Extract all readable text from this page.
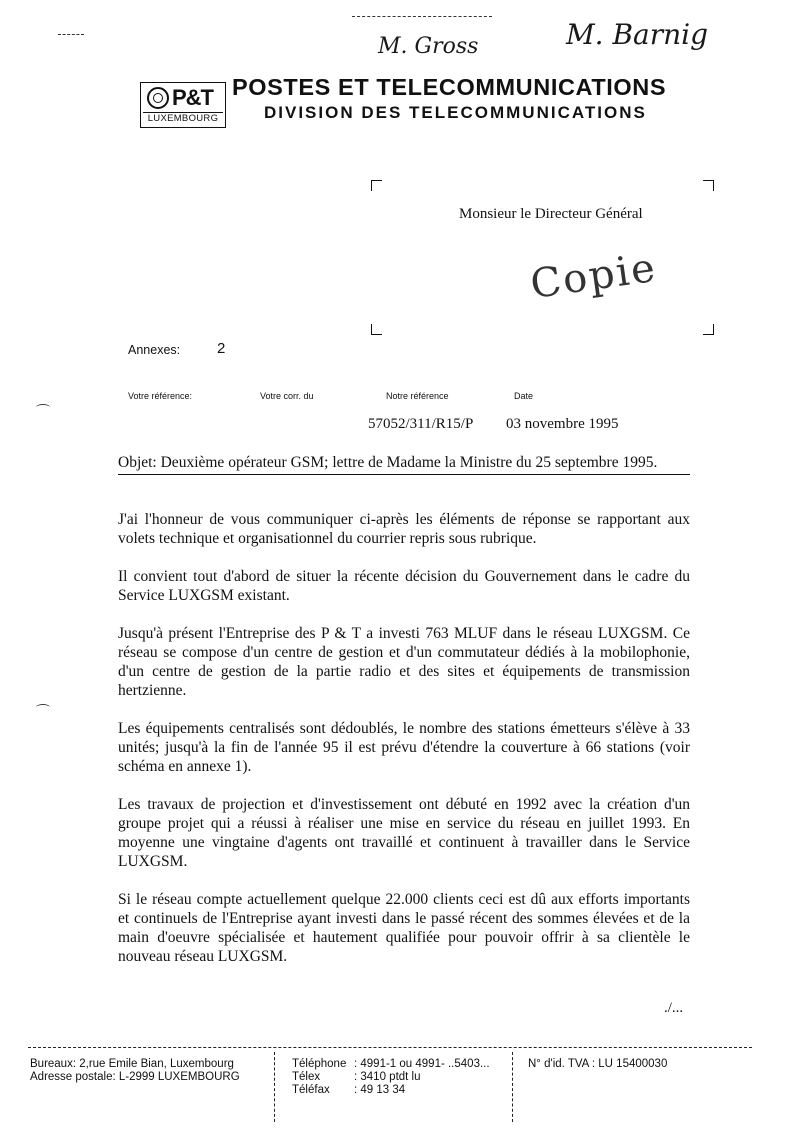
M. Gross	M. Barnig
P&T
LUXEMBOURG
POSTES ET TELECOMMUNICATIONS
DIVISION DES TELECOMMUNICATIONS
Monsieur le Directeur Général
Copie
Annexes: 2
Votre référence:	Votre corr. du	Notre référence	Date
57052/311/R15/P 03 novembre 1995
Objet: Deuxième opérateur GSM; lettre de Madame la Ministre du 25 septembre 1995.

J'ai l'honneur de vous communiquer ci-après les éléments de réponse se rapportant aux volets technique et organisationnel du courrier repris sous rubrique.

Il convient tout d'abord de situer la récente décision du Gouvernement dans le cadre du Service LUXGSM existant.

Jusqu'à présent l'Entreprise des P & T a investi 763 MLUF dans le réseau LUXGSM. Ce réseau se compose d'un centre de gestion et d'un commutateur dédiés à la mobilophonie, d'un centre de gestion de la partie radio et des sites et équipements de transmission hertzienne.

Les équipements centralisés sont dédoublés, le nombre des stations émetteurs s'élève à 33 unités; jusqu'à la fin de l'année 95 il est prévu d'étendre la couverture à 66 stations (voir schéma en annexe 1).

Les travaux de projection et d'investissement ont débuté en 1992 avec la création d'un groupe projet qui a réussi à réaliser une mise en service du réseau en juillet 1993. En moyenne une vingtaine d'agents ont travaillé et continuent à travailler dans le Service LUXGSM.

Si le réseau compte actuellement quelque 22.000 clients ceci est dû aux efforts importants et continuels de l'Entreprise ayant investi dans le passé récent des sommes élevées et de la main d'oeuvre spécialisée et hautement qualifiée pour pouvoir offrir à sa clientèle le nouveau réseau LUXGSM.

./...
Bureaux: 2,rue Emile Bian, Luxembourg
Adresse postale: L-2999 LUXEMBOURG
Téléphone : 4991-1 ou 4991- ..5403...
Télex	: 3410 ptdt lu
Téléfax	: 49 13 34
N° d'id. TVA : LU 15400030
